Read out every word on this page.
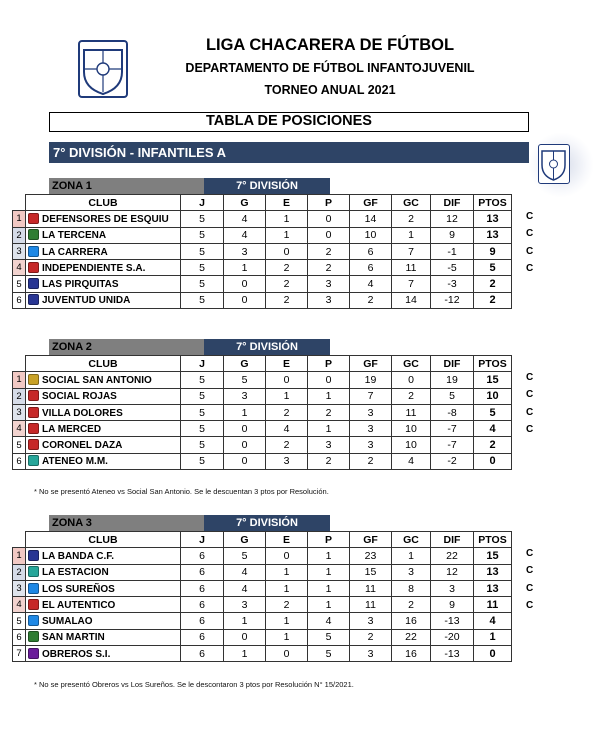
LIGA CHACARERA DE FÚTBOL
DEPARTAMENTO DE FÚTBOL INFANTOJUVENIL
TORNEO ANUAL 2021
TABLA DE POSICIONES
7° DIVISIÓN - INFANTILES A
ZONA 1	7° DIVISIÓN
	CLUB	J	G	E	P	GF	GC	DIF	PTOS
1	DEFENSORES DE ESQUIU	5	4	1	0	14	2	12	13
2	LA TERCENA	5	4	1	0	10	1	9	13
3	LA CARRERA	5	3	0	2	6	7	-1	9
4	INDEPENDIENTE S.A.	5	1	2	2	6	11	-5	5
5	LAS PIRQUITAS	5	0	2	3	4	7	-3	2
6	JUVENTUD UNIDA	5	0	2	3	2	14	-12	2
C
C
C
C
ZONA 2	7° DIVISIÓN
	CLUB	J	G	E	P	GF	GC	DIF	PTOS
1	SOCIAL SAN ANTONIO	5	5	0	0	19	0	19	15
2	SOCIAL ROJAS	5	3	1	1	7	2	5	10
3	VILLA DOLORES	5	1	2	2	3	11	-8	5
4	LA MERCED	5	0	4	1	3	10	-7	4
5	CORONEL DAZA	5	0	2	3	3	10	-7	2
6	ATENEO M.M.	5	0	3	2	2	4	-2	0
C
C
C
C
* No se presentó Ateneo vs Social San Antonio. Se le descuentan 3 ptos por Resolución.
ZONA 3	7° DIVISIÓN
	CLUB	J	G	E	P	GF	GC	DIF	PTOS
1	LA BANDA C.F.	6	5	0	1	23	1	22	15
2	LA ESTACION	6	4	1	1	15	3	12	13
3	LOS SUREÑOS	6	4	1	1	11	8	3	13
4	EL AUTENTICO	6	3	2	1	11	2	9	11
5	SUMALAO	6	1	1	4	3	16	-13	4
6	SAN MARTIN	6	0	1	5	2	22	-20	1
7	OBREROS S.I.	6	1	0	5	3	16	-13	0
C
C
C
C
* No se presentó Obreros vs Los Sureños. Se le descontaron 3 ptos por Resolución N° 15/2021.
